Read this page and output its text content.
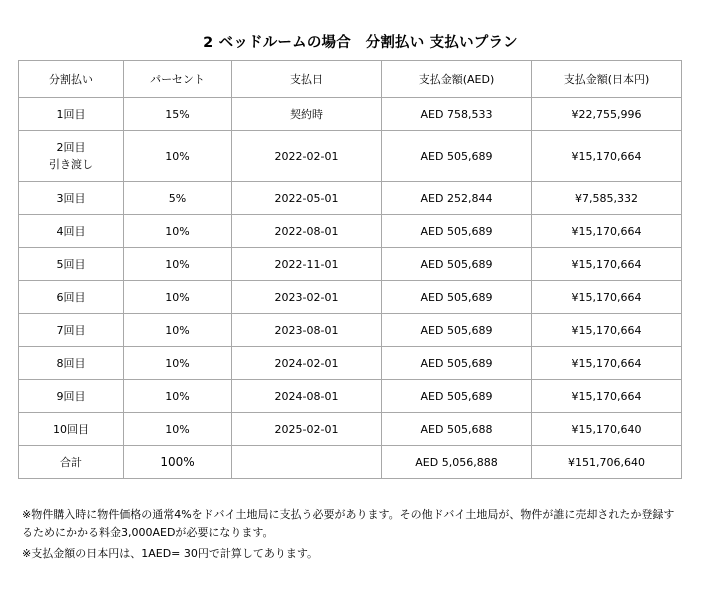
2 ベッドルームの場合　分割払い 支払いプラン
分割払い	パーセント	支払日	支払金額(AED)	支払金額(日本円)
1回目	15%	契約時	AED 758,533	¥22,755,996
2回目
引き渡し	10%	2022-02-01	AED 505,689	¥15,170,664
3回目	5%	2022-05-01	AED 252,844	¥7,585,332
4回目	10%	2022-08-01	AED 505,689	¥15,170,664
5回目	10%	2022-11-01	AED 505,689	¥15,170,664
6回目	10%	2023-02-01	AED 505,689	¥15,170,664
7回目	10%	2023-08-01	AED 505,689	¥15,170,664
8回目	10%	2024-02-01	AED 505,689	¥15,170,664
9回目	10%	2024-08-01	AED 505,689	¥15,170,664
10回目	10%	2025-02-01	AED 505,688	¥15,170,640
合計	100%		AED 5,056,888	¥151,706,640

※物件購入時に物件価格の通常4%をドバイ土地局に支払う必要があります。その他ドバイ土地局が、物件が誰に売却されたか登録するためにかかる料金3,000AEDが必要になります。

※支払金額の日本円は、1AED= 30円で計算してあります。
